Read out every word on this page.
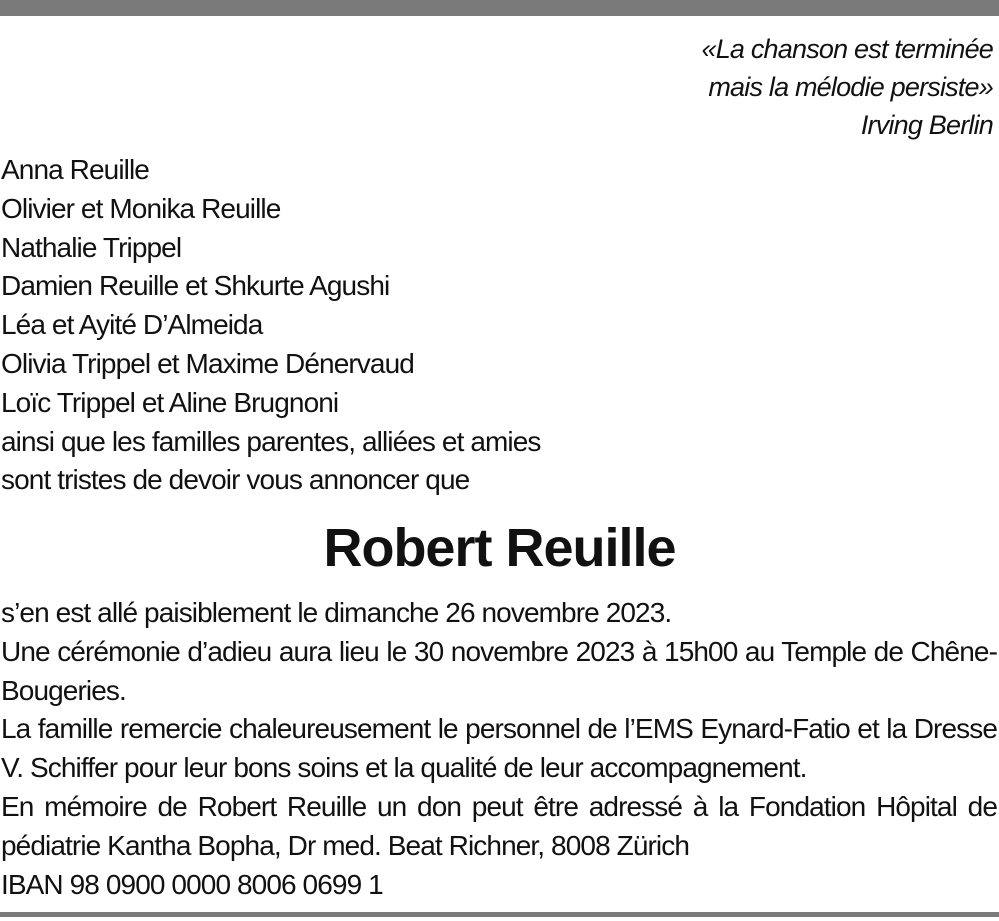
«La chanson est terminée
mais la mélodie persiste»
Irving Berlin
Anna Reuille
Olivier et Monika Reuille
Nathalie Trippel
Damien Reuille et Shkurte Agushi
Léa et Ayité D’Almeida
Olivia Trippel et Maxime Dénervaud
Loïc Trippel et Aline Brugnoni
ainsi que les familles parentes, alliées et amies
sont tristes de devoir vous annoncer que
Robert Reuille

s’en est allé paisiblement le dimanche 26 novembre 2023.

Une cérémonie d’adieu aura lieu le 30 novembre 2023 à 15h00 au Temple de Chêne-Bougeries.

La famille remercie chaleureusement le personnel de l’EMS Eynard-Fatio et la Dresse V. Schiffer pour leur bons soins et la qualité de leur accompagnement.

En mémoire de Robert Reuille un don peut être adressé à la Fondation Hôpital de pédiatrie Kantha Bopha, Dr med. Beat Richner, 8008 Zürich

IBAN 98 0900 0000 8006 0699 1
